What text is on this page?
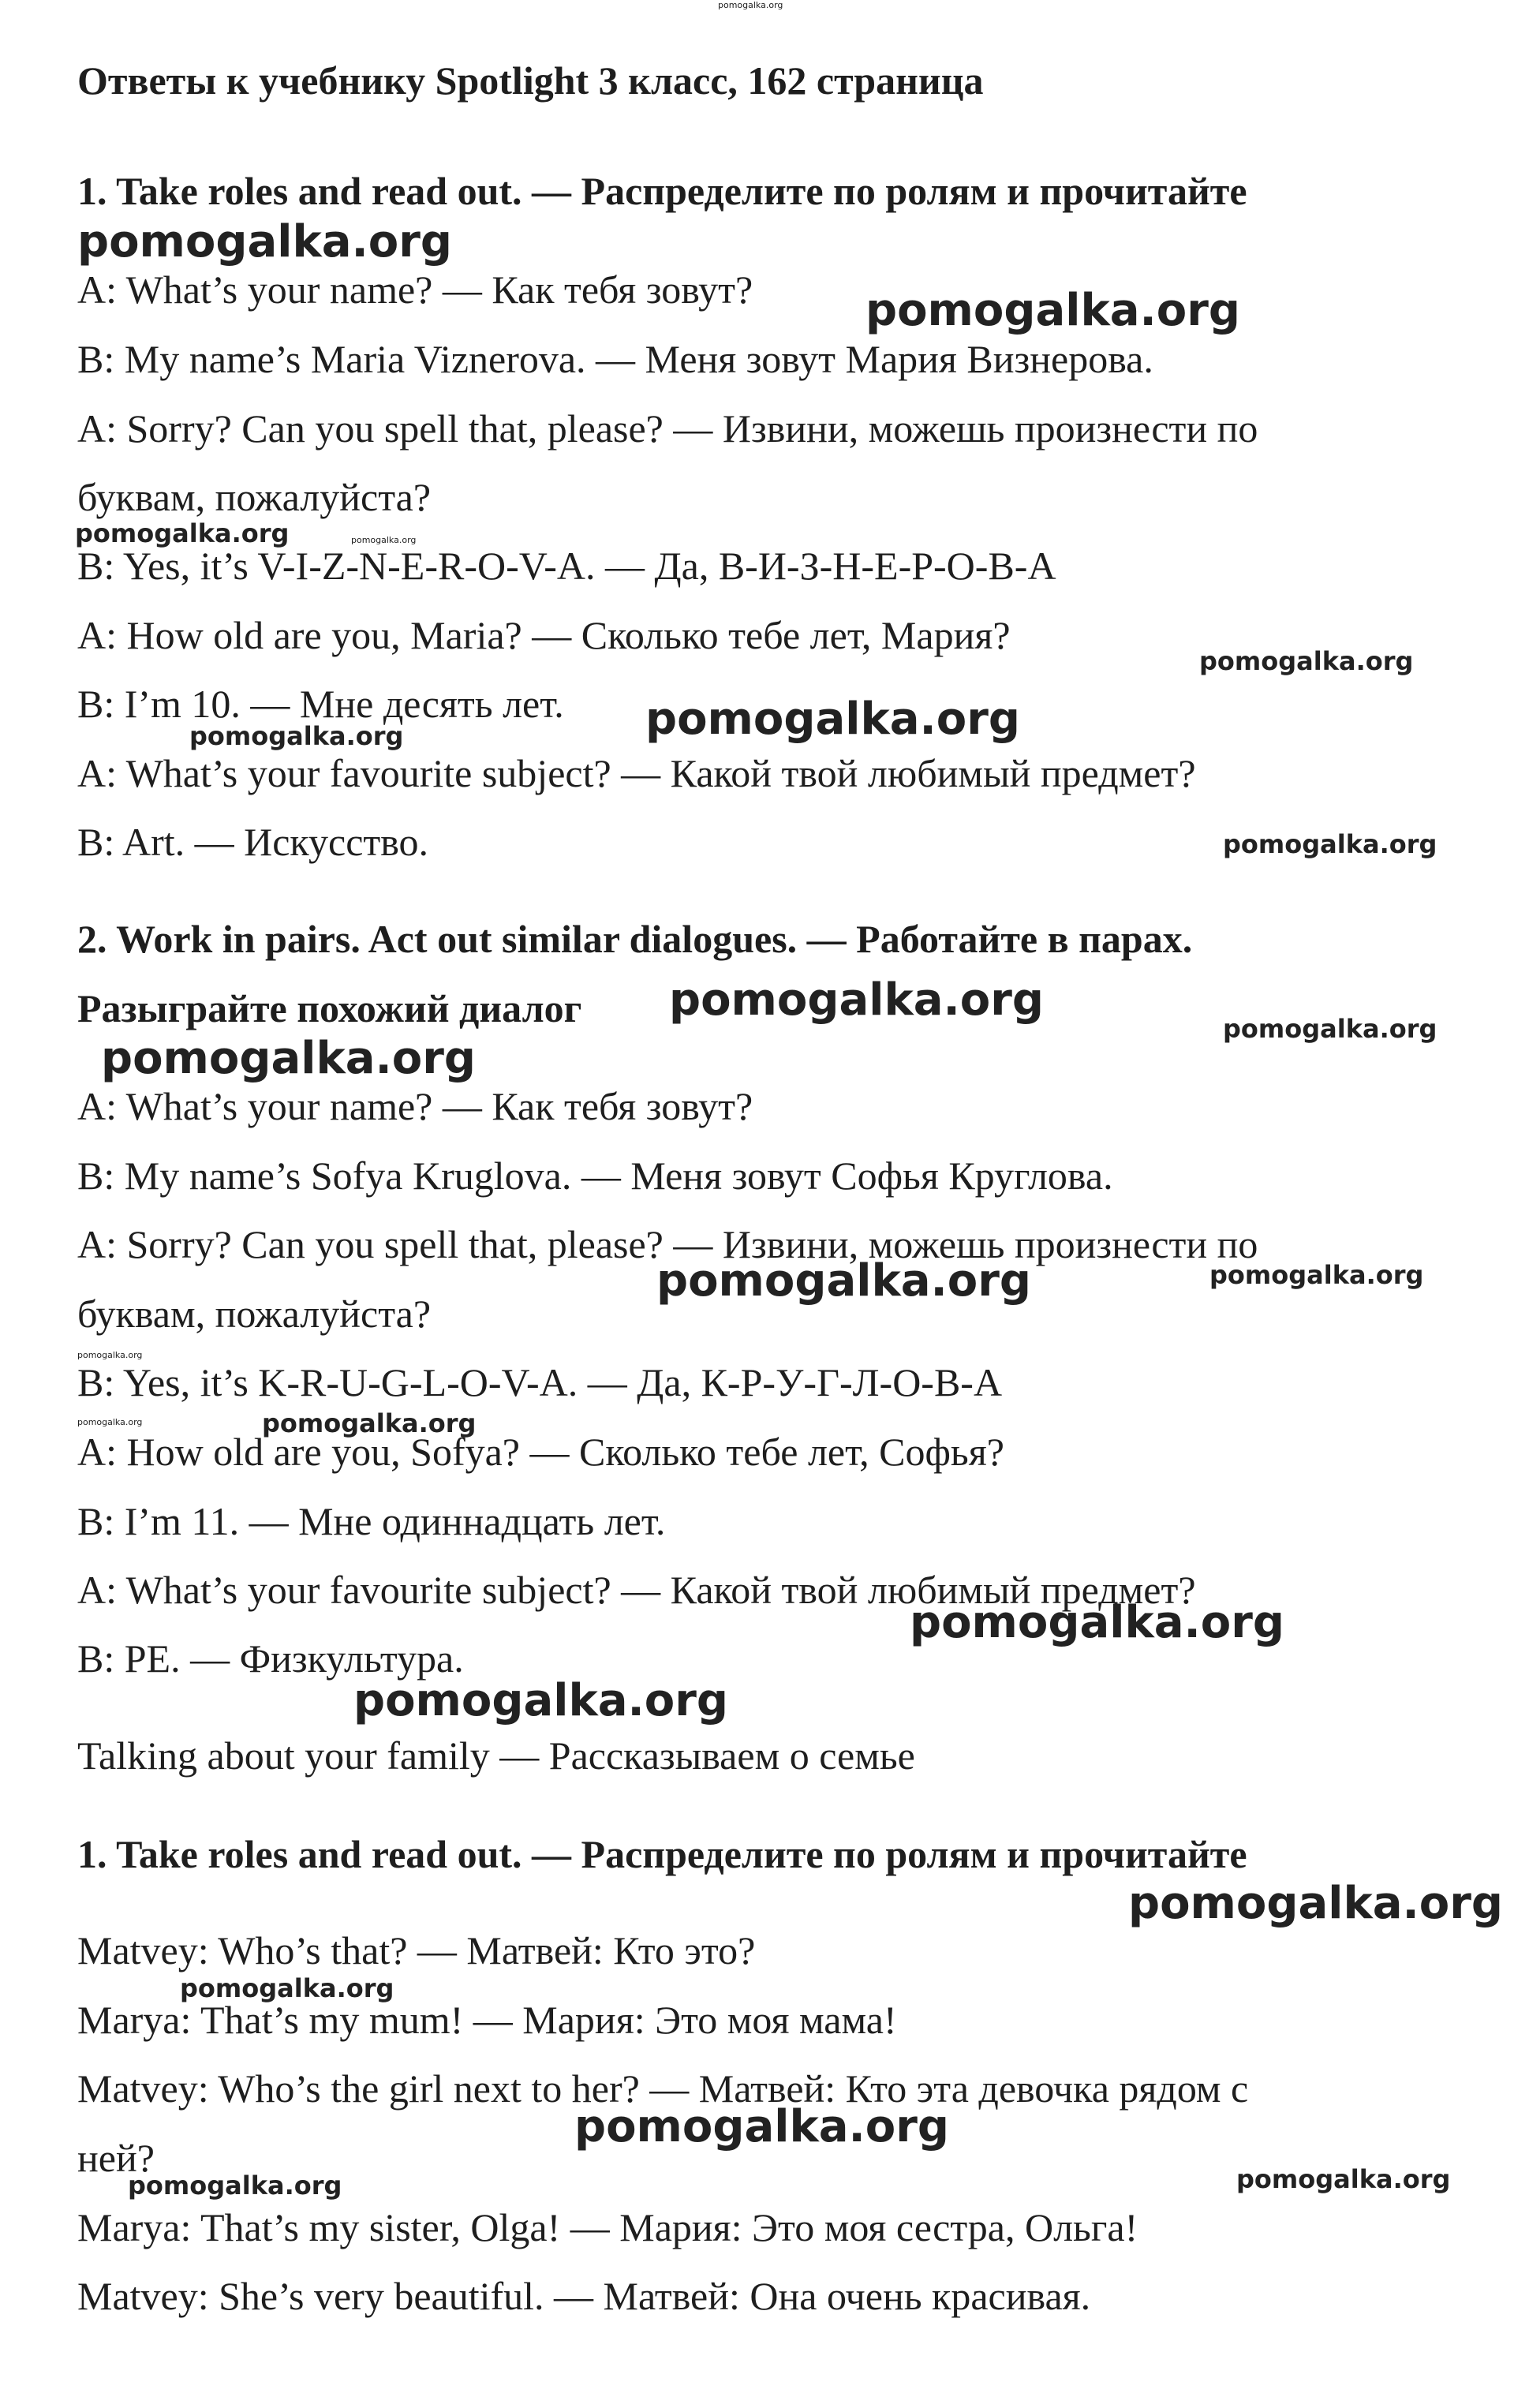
Ответы к учебнику Spotlight 3 класс, 162 страница
1. Take roles and read out. — Распределите по ролям и прочитайте
A: What’s your name? — Как тебя зовут?
B: My name’s Maria Viznerova. — Меня зовут Мария Визнерова.
A: Sorry? Can you spell that, please? — Извини, можешь произнести по
буквам, пожалуйста?
B: Yes, it’s V-I-Z-N-E-R-O-V-A. — Да, В-И-З-Н-Е-Р-О-В-А
A: How old are you, Maria? — Сколько тебе лет, Мария?
B: I’m 10. — Мне десять лет.
A: What’s your favourite subject? — Какой твой любимый предмет?
B: Art. — Искусство.
2. Work in pairs. Act out similar dialogues. — Работайте в парах.
Разыграйте похожий диалог
A: What’s your name? — Как тебя зовут?
B: My name’s Sofya Kruglova. — Меня зовут Софья Круглова.
A: Sorry? Can you spell that, please? — Извини, можешь произнести по
буквам, пожалуйста?
B: Yes, it’s K-R-U-G-L-O-V-A. — Да, К-Р-У-Г-Л-О-В-А
A: How old are you, Sofya? — Сколько тебе лет, Софья?
B: I’m 11. — Мне одиннадцать лет.
A: What’s your favourite subject? — Какой твой любимый предмет?
B: PE. — Физкультура.
Talking about your family — Рассказываем о семье
1. Take roles and read out. — Распределите по ролям и прочитайте
Matvey: Who’s that? — Матвей: Кто это?
Marya: That’s my mum! — Мария: Это моя мама!
Matvey: Who’s the girl next to her? — Матвей: Кто эта девочка рядом с
ней?
Marya: That’s my sister, Olga! — Мария: Это моя сестра, Ольга!
Matvey: She’s very beautiful. — Матвей: Она очень красивая.
pomogalka.org
pomogalka.org
pomogalka.org
pomogalka.org	pomogalka.org
pomogalka.org
pomogalka.org
pomogalka.org
pomogalka.org
pomogalka.org
pomogalka.org
pomogalka.org
pomogalka.org	pomogalka.org
pomogalka.org
pomogalka.org	pomogalka.org
pomogalka.org
pomogalka.org
pomogalka.org
pomogalka.org
pomogalka.org
pomogalka.org	pomogalka.org
